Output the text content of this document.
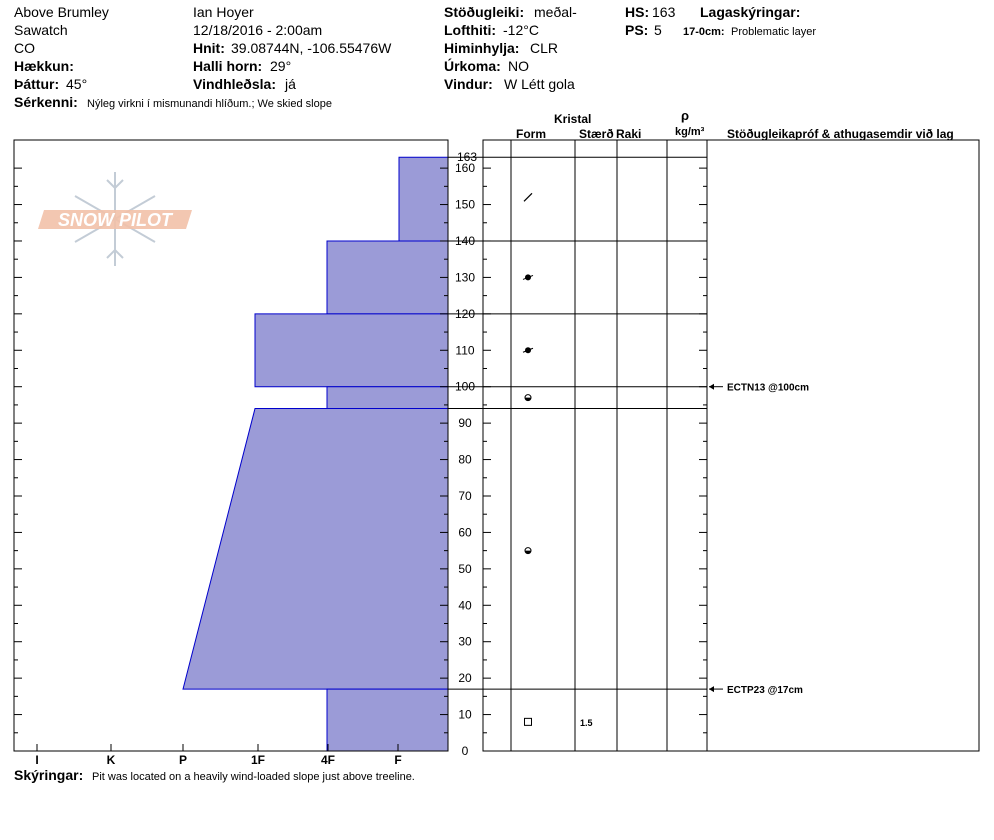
Above Brumley
Sawatch
CO
Hækkun:
Þáttur: 45°
Ian Hoyer
12/18/2016 - 2:00am
Hnit: 39.08744N, -106.55476W
Halli horn: 29°
Vindhleðsla: já
Stöðugleiki: meðal-
Lofthiti: -12°C
Himinhylja: CLR
Úrkoma: NO
Vindur: W Létt gola
HS: 163
PS: 5
Lagaskýringar:
17-0cm: Problematic layer
Sérkenni: Nýleg virkni í mismunandi hlíðum.; We skied slope
Kristal
Form	Stærð Raki
ρ
kg/m³ Stöðugleikapróf & athugasemdir við lag
Skýringar: Pit was located on a heavily wind-loaded slope just above treeline.
SNOW PILOT
I	K	P	1F	4F	F
0
10
20
30
40
50
60
70
80
90
100
110
120
130
140
150
160
163
1.5
ECTN13 @100cm
ECTP23 @17cm
